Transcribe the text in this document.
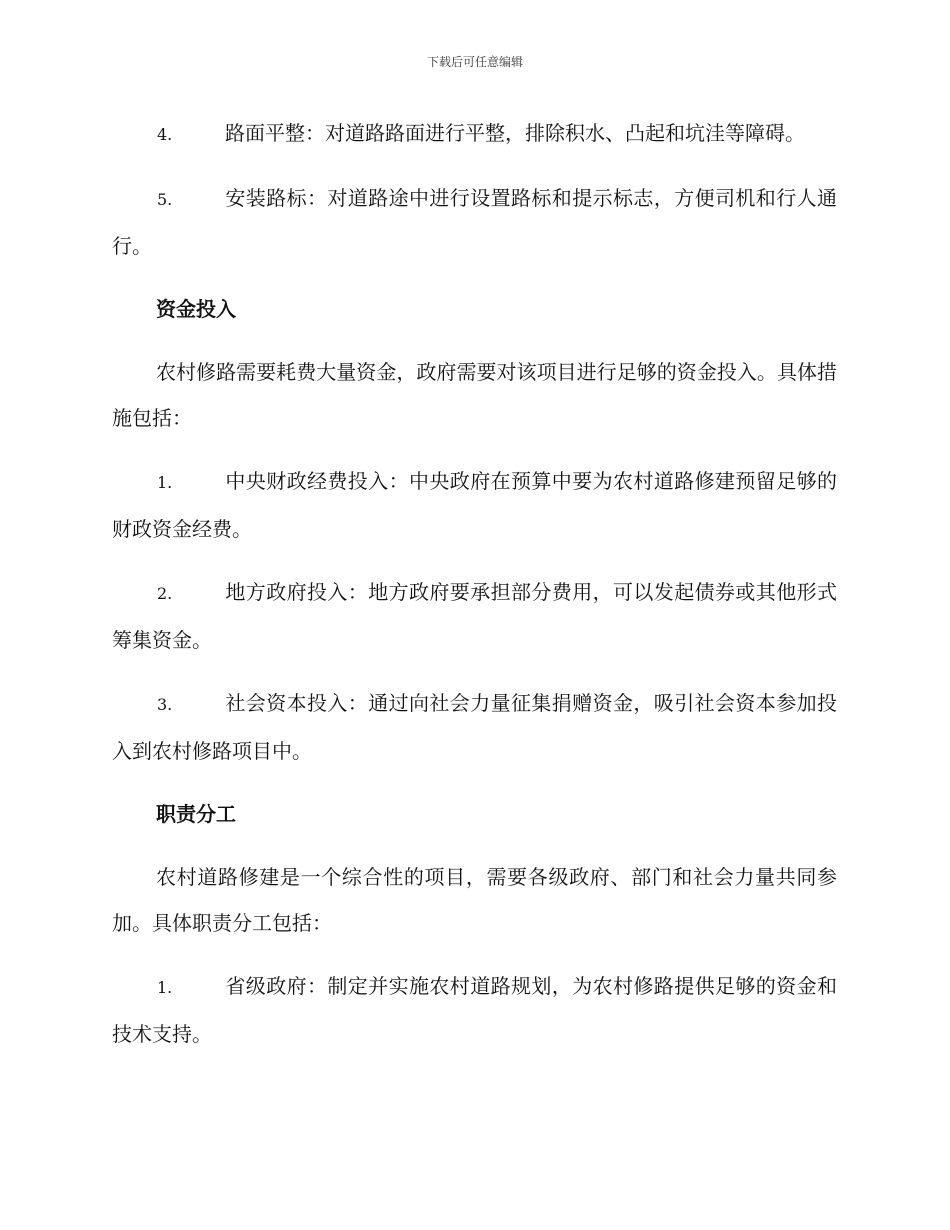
下载后可任意编辑
4.	路面平整：对道路路面进行平整，排除积水、凸起和坑洼等障碍。
5.	安装路标：对道路途中进行设置路标和提示标志，方便司机和行人通行。
资金投入
农村修路需要耗费大量资金，政府需要对该项目进行足够的资金投入。具体措施包括：
1.	中央财政经费投入：中央政府在预算中要为农村道路修建预留足够的财政资金经费。
2.	地方政府投入：地方政府要承担部分费用，可以发起债券或其他形式筹集资金。
3.	社会资本投入：通过向社会力量征集捐赠资金，吸引社会资本参加投入到农村修路项目中。
职责分工
农村道路修建是一个综合性的项目，需要各级政府、部门和社会力量共同参加。具体职责分工包括：
1.	省级政府：制定并实施农村道路规划，为农村修路提供足够的资金和技术支持。
